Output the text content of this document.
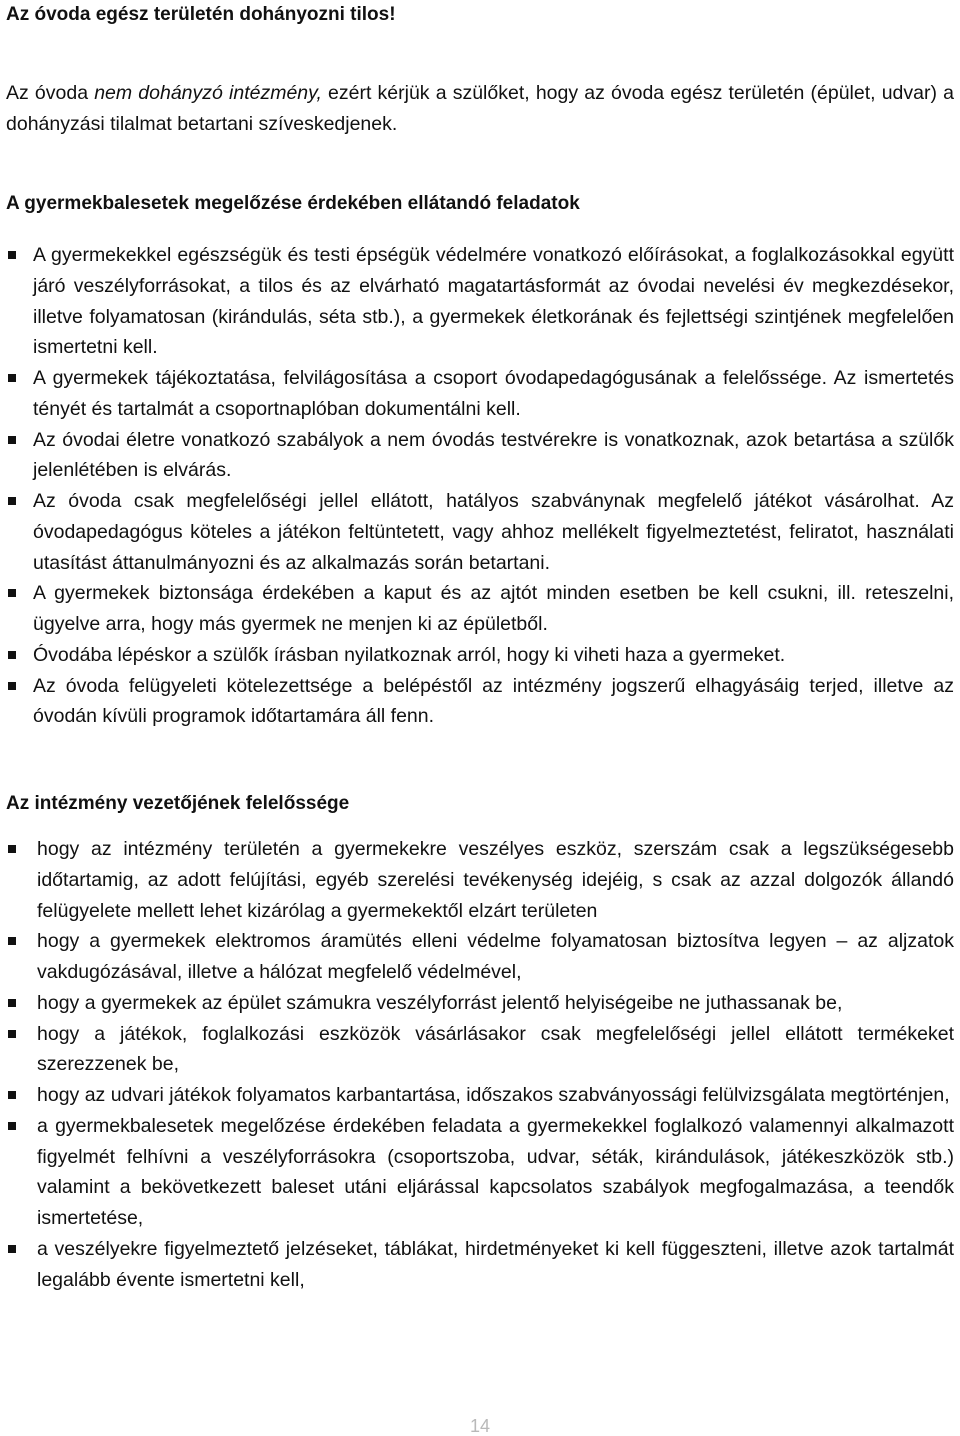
Az óvoda egész területén dohányozni tilos!

Az óvoda nem dohányzó intézmény, ezért kérjük a szülőket, hogy az óvoda egész területén (épület, udvar) a dohányzási tilalmat betartani szíveskedjenek.

A gyermekbalesetek megelőzése érdekében ellátandó feladatok
A gyermekekkel egészségük és testi épségük védelmére vonatkozó előírásokat, a foglalkozásokkal együtt járó veszélyforrásokat, a tilos és az elvárható magatartásformát az óvodai nevelési év megkezdésekor, illetve folyamatosan (kirándulás, séta stb.), a gyermekek életkorának és fejlettségi szintjének megfelelően ismertetni kell.
A gyermekek tájékoztatása, felvilágosítása a csoport óvodapedagógusának a felelőssége. Az ismertetés tényét és tartalmát a csoportnaplóban dokumentálni kell.
Az óvodai életre vonatkozó szabályok a nem óvodás testvérekre is vonatkoznak, azok betartása a szülők jelenlétében is elvárás.
Az óvoda csak megfelelőségi jellel ellátott, hatályos szabványnak megfelelő játékot vásárolhat. Az óvodapedagógus köteles a játékon feltüntetett, vagy ahhoz mellékelt figyelmeztetést, feliratot, használati utasítást áttanulmányozni és az alkalmazás során betartani.
A gyermekek biztonsága érdekében a kaput és az ajtót minden esetben be kell csukni, ill. reteszelni, ügyelve arra, hogy más gyermek ne menjen ki az épületből.
Óvodába lépéskor a szülők írásban nyilatkoznak arról, hogy ki viheti haza a gyermeket.
Az óvoda felügyeleti kötelezettsége a belépéstől az intézmény jogszerű elhagyásáig terjed, illetve az óvodán kívüli programok időtartamára áll fenn.
Az intézmény vezetőjének felelőssége
hogy az intézmény területén a gyermekekre veszélyes eszköz, szerszám csak a legszükségesebb időtartamig, az adott felújítási, egyéb szerelési tevékenység idejéig, s csak az azzal dolgozók állandó felügyelete mellett lehet kizárólag a gyermekektől elzárt területen
hogy a gyermekek elektromos áramütés elleni védelme folyamatosan biztosítva legyen – az aljzatok vakdugózásával, illetve a hálózat megfelelő védelmével,
hogy a gyermekek az épület számukra veszélyforrást jelentő helyiségeibe ne juthassanak be,
hogy a játékok, foglalkozási eszközök vásárlásakor csak megfelelőségi jellel ellátott termékeket szerezzenek be,
hogy az udvari játékok folyamatos karbantartása, időszakos szabványossági felülvizsgálata megtörténjen,
a gyermekbalesetek megelőzése érdekében feladata a gyermekekkel foglalkozó valamennyi alkalmazott figyelmét felhívni a veszélyforrásokra (csoportszoba, udvar, séták, kirándulások, játékeszközök stb.) valamint a bekövetkezett baleset utáni eljárással kapcsolatos szabályok megfogalmazása, a teendők ismertetése,
a veszélyekre figyelmeztető jelzéseket, táblákat, hirdetményeket ki kell függeszteni, illetve azok tartalmát legalább évente ismertetni kell,
14
